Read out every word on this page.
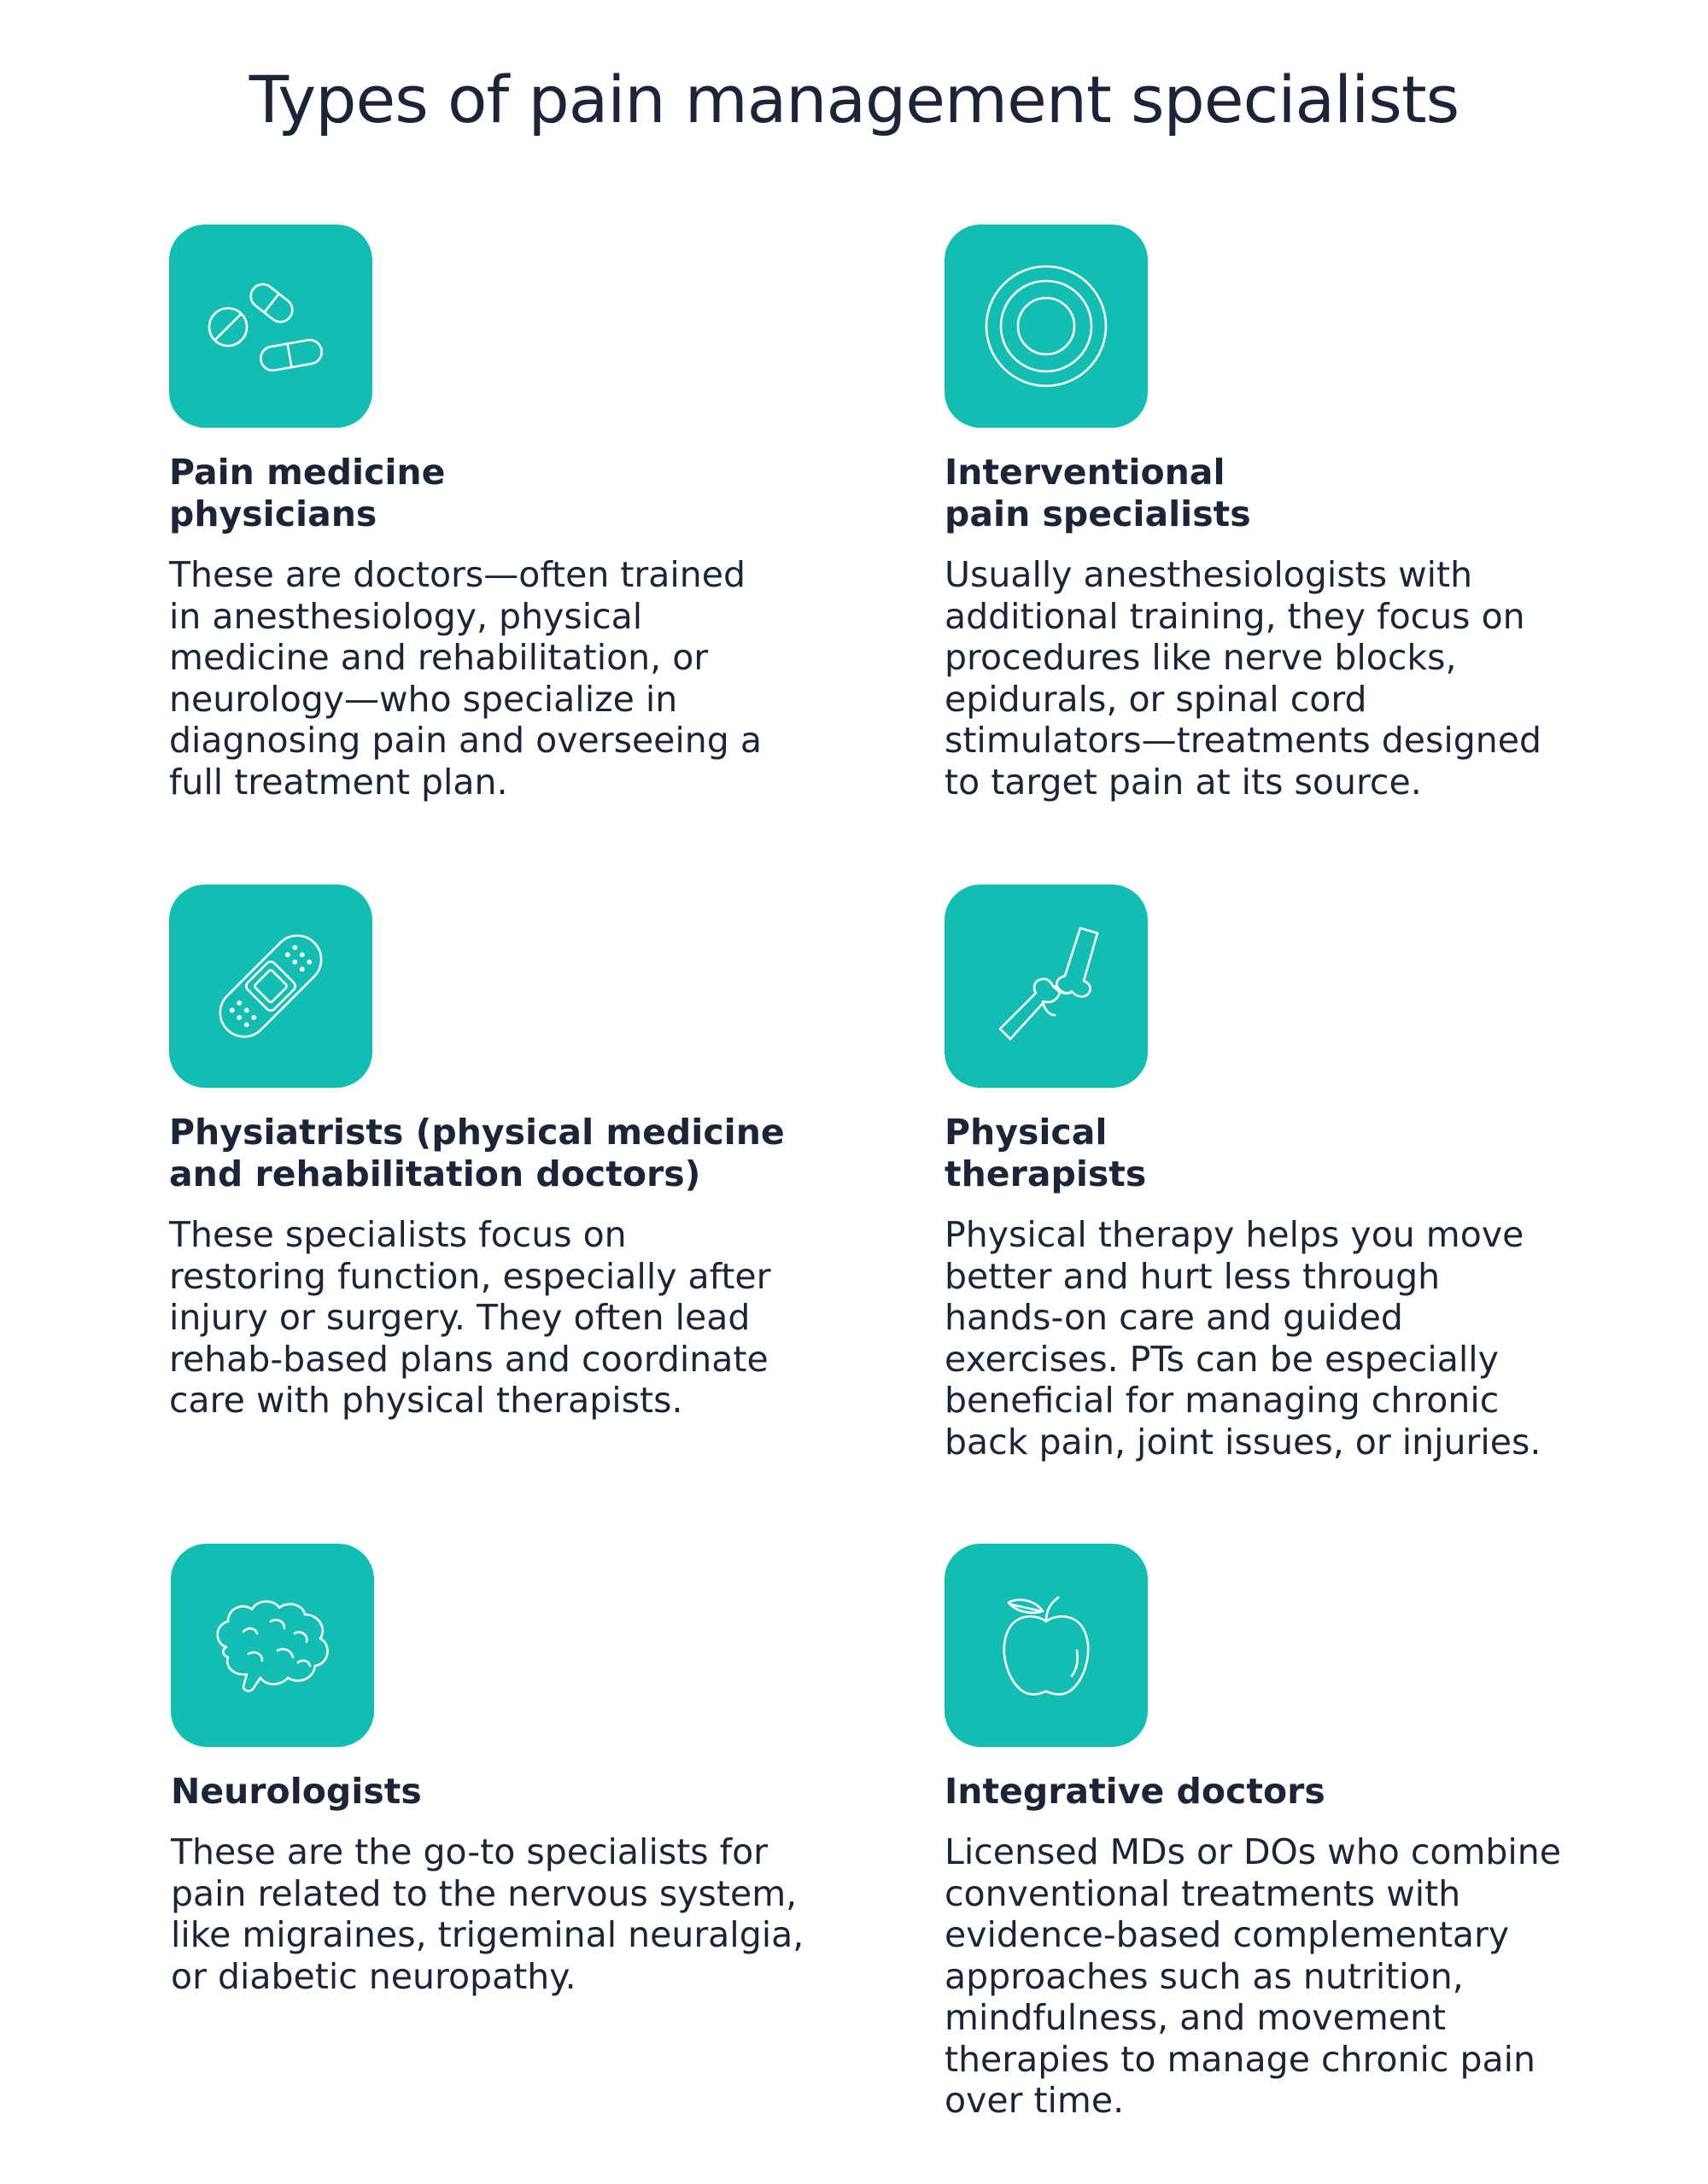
Types of pain management specialists
Pain medicine
physicians
These are doctors—often trained
in anesthesiology, physical
medicine and rehabilitation, or
neurology—who specialize in
diagnosing pain and overseeing a
full treatment plan.
Interventional
pain specialists
Usually anesthesiologists with
additional training, they focus on
procedures like nerve blocks,
epidurals, or spinal cord
stimulators—treatments designed
to target pain at its source.
Physiatrists (physical medicine
and rehabilitation doctors)
These specialists focus on
restoring function, especially after
injury or surgery. They often lead
rehab-based plans and coordinate
care with physical therapists.
Physical
therapists
Physical therapy helps you move
better and hurt less through
hands-on care and guided
exercises. PTs can be especially
beneficial for managing chronic
back pain, joint issues, or injuries.
Neurologists
These are the go-to specialists for
pain related to the nervous system,
like migraines, trigeminal neuralgia,
or diabetic neuropathy.
Integrative doctors
Licensed MDs or DOs who combine
conventional treatments with
evidence-based complementary
approaches such as nutrition,
mindfulness, and movement
therapies to manage chronic pain
over time.
